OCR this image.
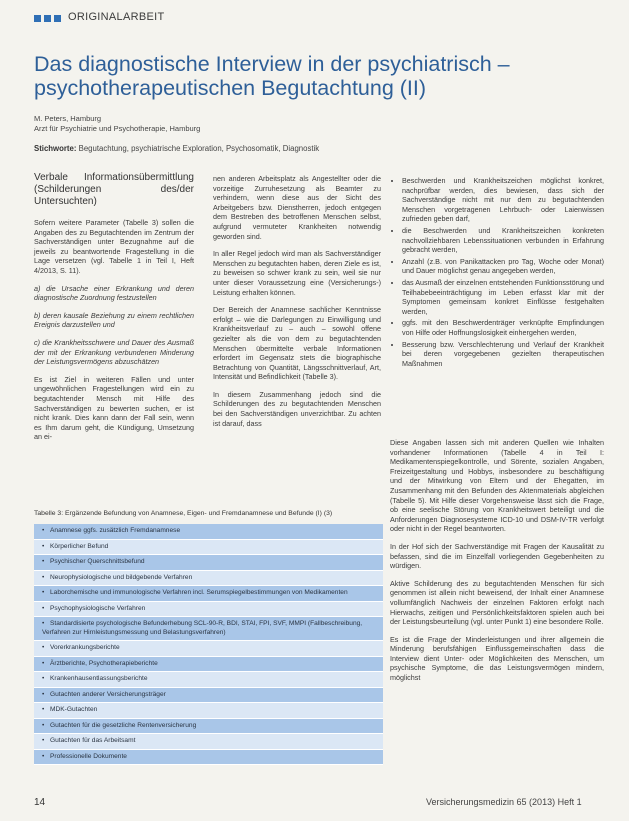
ORIGINALARBEIT
Das diagnostische Interview in der psychiatrisch – psychotherapeutischen Begutachtung (II)
M. Peters, Hamburg
Arzt für Psychiatrie und Psychotherapie, Hamburg
Stichworte: Begutachtung, psychiatrische Exploration, Psychosomatik, Diagnostik
Verbale Informationsübermittlung (Schilderungen des/der Untersuchten)

Sofern weitere Parameter (Tabelle 3) sollen die Angaben des zu Begutachtenden im Zentrum der Sachverständigen unter Bezugnahme auf die jeweils zu beantwortende Fragestellung in die Lage versetzen (vgl. Tabelle 1 in Teil I, Heft 4/2013, S. 11).

a) die Ursache einer Erkrankung und deren diagnostische Zuordnung festzustellen

b) deren kausale Beziehung zu einem rechtlichen Ereignis darzustellen und

c) die Krankheitsschwere und Dauer des Ausmaß der mit der Erkrankung verbundenen Minderung der Leistungsvermögens abzuschätzen

Es ist Ziel in weiteren Fällen und unter ungewöhnlichen Fragestellungen wird ein zu begutachtender Mensch mit Hilfe des Sachverständigen zu bewerten suchen, er ist nicht krank. Dies kann dann der Fall sein, wenn es Ihm darum geht, die Kündigung, Umsetzung an ei-

nen anderen Arbeitsplatz als Angestellter oder die vorzeitige Zurruhesetzung als Beamter zu verhindern, wenn diese aus der Sicht des Arbeitgebers bzw. Dienstherren, jedoch entgegen dem Bestreben des betroffenen Menschen selbst, aufgrund vermuteter Krankheiten notwendig geworden sind.

In aller Regel jedoch wird man als Sachverständiger Menschen zu begutachten haben, deren Ziele es ist, zu beweisen so schwer krank zu sein, weil sie nur unter dieser Voraussetzung eine (Versicherungs-) Leistung erhalten können.

Der Bereich der Anamnese sachlicher Kenntnisse erfolgt – wie die Darlegungen zu Einwilligung und Krankheitsverlauf zu – auch – sowohl offene gezielter als die von dem zu begutachtenden Menschen übermittelte verbale Informationen erfordert im Gegensatz stets die biographische Betrachtung von Quantität, Längsschnittverlauf, Art, Intensität und Befindlichkeit (Tabelle 3).

In diesem Zusammenhang jedoch sind die Schilderungen des zu begutachtenden Menschen bei den Sachverständigen unverzichtbar. Zu achten ist darauf, dass

• Beschwerden und Krankheitszeichen möglichst konkret, nachprüfbar werden, dies bewiesen, dass sich der Sachverständige nicht mit nur dem zu begutachtenden Menschen vorgetragenen Lehrbuch- oder Laienwissen zufrieden geben darf,
• die Beschwerden und Krankheitszeichen konkreten nachvollziehbaren Lebenssituationen verbunden in Erfahrung gebracht werden,
• Anzahl (z.B. von Panikattacken pro Tag, Woche oder Monat) und Dauer möglichst genau angegeben werden,
• das Ausmaß der einzelnen entstehenden Funktionsstörung und Teilhabebeeinträchtigung im Leben erfasst klar mit der Symptomen gemeinsam konkret Einflüsse festgehalten werden,
• ggfs. mit den Beschwerdenträger verknüpfte Empfindungen von Hilfe oder Hoffnungslosigkeit einhergehen werden,
• Besserung bzw. Verschlechterung und Verlauf der Krankheit bei deren vorgegebenen gezielten therapeutischen Maßnahmen

Diese Angaben lassen sich mit anderen Quellen wie Inhalten vorhandener Informationen (Tabelle 4 in Teil I: Medikamentenspiegelkontrolle, und Sörente, sozialen Angaben, Freizeitgestaltung und Hobbys, insbesondere zu beschäftigung und der Mitwirkung von Eltern und der Ehegatten, im Zusammenhang mit den Befunden des Aktenmaterials abgleichen (Tabelle 5). Mit Hilfe dieser Vorgehensweise lässt sich die Frage, ob eine seelische Störung von Krankheitswert beteiligt und die Anforderungen Diagnosesysteme ICD-10 und DSM-IV-TR verfolgt oder nicht in der Regel beantworten.

In der Hof sich der Sachverständige mit Fragen der Kausalität zu befassen, sind die im Einzelfall vorliegenden Gegebenheiten zu würdigen.

Aktive Schilderung des zu begutachtenden Menschen für sich genommen ist allein nicht beweisend, der Inhalt einer Anamnese vollumfänglich Nachweis der einzelnen Faktoren erfolgt nach Hierwachs, zeitigen und Persönlichkeitsfaktoren spielen auch bei der Leistungsbeurteilung (vgl. unter Punkt 1) eine besondere Rolle.

Es ist die Frage der Minderleistungen und ihrer allgemein die Minderung berufsfähigen Einflussgemeinschaften dass die Interview dient Unter- oder Möglichkeiten des Menschen, um psychische Symptome, die das Leistungsvermögen mindern, möglichst

Tabelle 3: Ergänzende Befundung von Anamnese, Eigen- und Fremdanamnese und Befunde (I) (3)
• Anamnese ggfs. zusätzlich Fremdanamnese
• Körperlicher Befund
• Psychischer Querschnittsbefund
• Neurophysiologische und bildgebende Verfahren
• Laborchemische und immunologische Verfahren incl. Serumspiegelbestimmungen von Medikamenten
• Psychophysiologische Verfahren
• Standardisierte psychologische Befunderhebung SCL-90-R, BDI, STAI, FPI, SVF, MMPI (Fallbeschreibung, Verfahren zur Hirnleistungsmessung und Belastungsverfahren)
• Vorerkrankungsberichte
• Ärztberichte, Psychotherapieberichte
• Krankenhausentlassungsberichte
• Gutachten anderer Versicherungsträger
• MDK-Gutachten
• Gutachten für die gesetzliche Rentenversicherung
• Gutachten für das Arbeitsamt
• Professionelle Dokumente
14	Versicherungsmedizin 65 (2013) Heft 1
